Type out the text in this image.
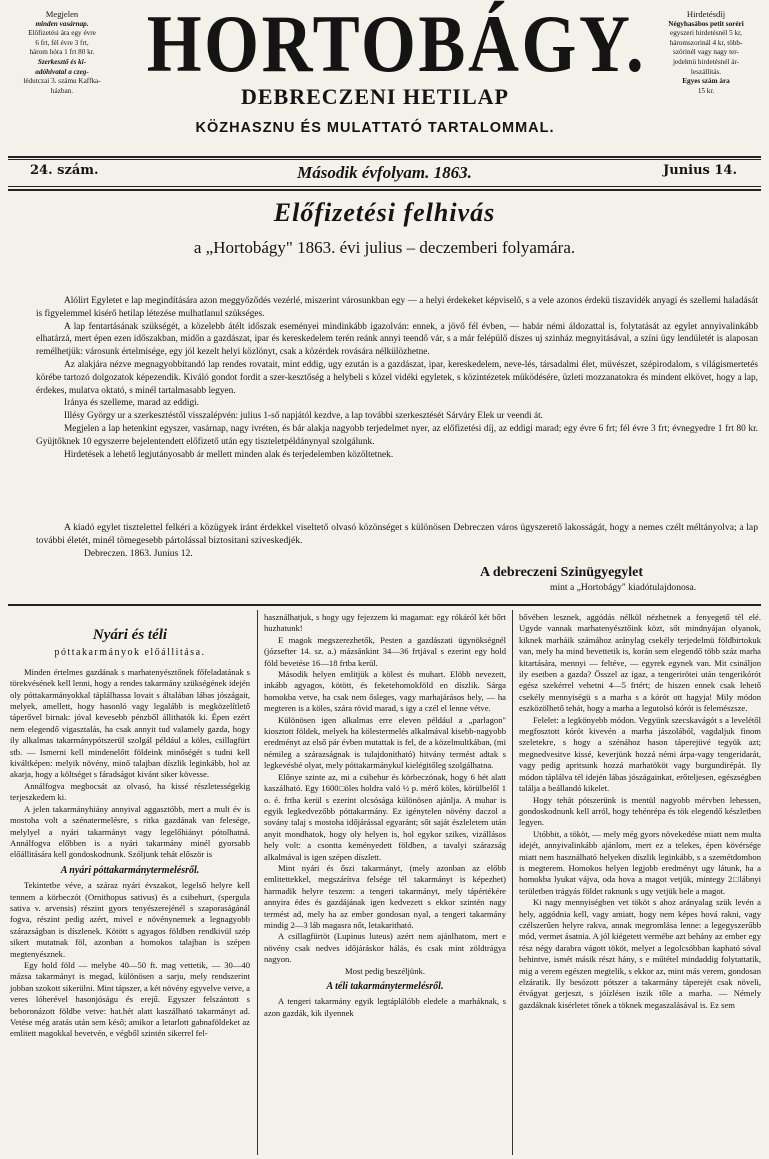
Megjelen
minden vasárnap.
Előfizetési ára egy évre
6 frt, fél évre 3 frt,
három hóra 1 frt 80 kr.
Szerkesztő és ki-
adóhivatal a czeg-
lédutczai 3. számu Kaffka-
házban.
Hirdetésdíj
Négyhasábos petit soréri
egyszeri hirdetésnél 5 kr,
háromszorinál 4 kr, több-
szörinél vagy nagy ter-
jedelmü hirdetésnél ár-
leszállitás.
Egyes szám ára
15 kr.
HORTOBÁGY.
DEBRECZENI HETILAP
KÖZHASZNU ÉS MULATTATÓ TARTALOMMAL.
24. szám.	Második évfolyam. 1863.	Junius 14.
Előfizetési felhivás
a „Hortobágy" 1863. évi julius – deczemberi folyamára.

Alólirt Egyletet e lap megindítására azon meggyőződés vezérlé, miszerint városunkban egy — a helyi érdekeket képviselő, s a vele azonos érdekü tiszavidék anyagi és szellemi haladását is figyelemmel kisérő hetilap létezése mulhatlanul szükséges.

A lap fentartásának szükségét, a közelebb átélt időszak eseményei mindinkább igazolván: ennek, a jövő fél évben, — habár némi áldozattal is, folytatását az egylet annyivalinkább elhatárzá, mert épen ezen időszakban, midőn a gazdászat, ipar és kereskedelem terén reánk annyi teendő vár, s a már felépülő díszes uj szinház megnyitásával, a színi ügy lendületét is alaposan remélhetjük: városunk értelmisége, egy jól kezelt helyi közlönyt, csak a közérdek rovására nélkülözhetne.

Az alakjára nézve megnagyobbitandó lap rendes rovatait, mint eddig, ugy ezután is a gazdászat, ipar, kereskedelem, neve-lés, társadalmi élet, müvészet, szépirodalom, s világismertetés körébe tartozó dolgozatok képezendik. Kiváló gondot fordit a szer-kesztőség a helybeli s közel vidéki egyletek, s közintézetek müködésére, üzleti mozzanatokra és mindent elkövet, hogy a lap, érdekes, mulatva oktató, s minél tartalmasabb legyen.

Iránya és szelleme, marad az eddigi.

Illésy György ur a szerkesztéstől visszalépvén: julius 1-ső napjától kezdve, a lap további szerkesztését Sárváry Elek ur veendi át.

Megjelen a lap hetenkint egyszer, vasárnap, nagy ivréten, és bár alakja nagyobb terjedelmet nyer, az előfizetési díj, az eddigi marad; egy évre 6 frt; fél évre 3 frt; évnegyedre 1 frt 80 kr. Gyüjtőknek 10 egyszerre bejelentendett előfizető után egy tiszteletpéldánynyal szolgálunk.

Hirdetések a lehető legjutányosabb ár mellett minden alak és terjedelemben közöltetnek.

A kiadó egylet tisztelettel felkéri a közügyek iránt érdekkel viseltető olvasó közönséget s különösen Debreczen város ügyszerető lakosságát, hogy a nemes czélt méltányolva; a lap további életét, minél tömegesebb pártolással biztositani sziveskedjék.

Debreczen. 1863. Junius 12.

A debreczeni Szinügyegylet
mint a „Hortobágy" kiadótulajdonosa.

Nyári és téli

póttakarmányok előállitása.

Minden értelmes gazdának s marhatenyésztőnek főfeladatának s törekvésének kell lenni, hogy a rendes takarmány szükségének idején oly póttakarmányokkal táplálhassa lovait s általában lábas jószágait, melyek, amellett, hogy hasonló vagy legalább is megközelítlető táperővel birnak: jóval kevesebb pénzből állithatók ki. Épen ezért nem elegendő vigasztalás, ha csak annyit tud valamely gazda, hogy ily alkalmas takarmánypótszerül szolgál például a köles, csillagfürt stb. — Ismerni kell mindenelőtt földeink minőségét s tudni kell kiváltképen: melyik növény, minő talajban díszlik leginkább, hol az akarja, hogy a költséget s fáradságot kivánt siker kövesse.

Annálfogva megbocsát az olvasó, ha kissé részletességekig terjeszkedem ki.

A jelen takarmányhiány annyival aggasztóbb, mert a mult év is mostoha volt a szénatermelésre, s ritka gazdának van felesége, melylyel a nyári takarmányt vagy legelőhiányt pótolhatná. Annálfogva előbben is a nyári takarmány minél gyorsabb előállitására kell gondoskodnunk. Szóljunk tehát először is

A nyári póttakarmánytermelésről.

Tekintetbe véve, a száraz nyári évszakot, legelső helyre kell tennem a körbeczót (Ornithopus sativus) és a csibehurt, (spergula sativa v. arvensis) részint gyors tenyészerejénél s szaporaságánál fogva, részint pedig azért, mivel e növénynemek a legnagyobb szárazságban is díszlenek. Kötött s agyagos földben rendkivül szép sikert mutatnak föl, azonban a homokos talajban is szépen megtenyésznek.

Egy hold föld — melybe 40—50 ft. mag vettetik, — 30—40 mázsa takarmányt is megad, különösen a sarju, mely rendszerint jobban szokott sikerülni. Mint tápszer, a két növény egyvelve vetve, a veres lóherével hasonjóságu és erejű. Egyszer felszántott s beboronázott földbe vetve: hat.hét alatt kaszálható takarmányt ad. Vetése még aratás után sem késő; amikor a letarlott gabnaföldeket az emlitett magokkal bevetvén, e végből szintén sikerrel fel-

használhatjuk, s hogy ugy fejezzem ki magamat: egy rókáról két bőrt huzhatunk!

E magok megszerezhetők, Pesten a gazdászati ügynökségnél (józsefter 14. sz. a.) mázsánkint 34—36 frtjával s ezerint egy hold föld bevetése 16—18 frtba kerül.

Második helyen emlitjük a kölest és muhart. Elöbb nevezett, inkább agyagos, kötött, és feketehomokföld en díszlik. Sárga homokba vetve, ha csak nem ősleges, vagy marhajárásos hely, — ha megteren is a köles, szára rövid marad, s igy a czél el lenne vétve.

Különösen igen alkalmas erre eleven például a „parlagon" kiosztott földek, melyek ha kölestermelés alkalmával kisebb-nagyobb eredményt az első pár évben mutattak is fel, de a közelmultkában, (mi némileg a szárazságnak is tulajdonitható) hitvány termést adtak s legkevésbé olyat, mely póttakarmánykul kielégitőleg szolgálhatna.

Előnye szinte az, mi a csibehur és körbeczónak, hogy 6 hét alatt kaszálható. Egy 1600□öles holdra való ½ p. mérő köles, körülbelől 1 o. é. frtba kerül s ezerint olcsósága különösen ajánlja. A muhar is egyik legkedvezőbb póttakarmány. Ez igénytelen növény daczol a sovány talaj s mostoha időjárással egyaránt; sőt saját észleletem után anyit mondhatok, hogy oly helyen is, hol egykor szikes, vizállásos hely volt: a csontta keményedett földben, a tavalyi szárazság alkalmával is igen szépen díszlett.

Mint nyári és őszi takarmányt, (mely azonban az előbb emlitettekkel, megszárítva felsége tél takarmányt is képezhet) harmadik helyre teszem: a tengeri takarmányt, mely tápértékére annyira édes és gazdájának igen kedvezett s ekkor szintén nagy termést ad, mely ha az ember gondosan nyal, a tengeri takarmány mindig 2—3 láb magasra nőt, letakaritható.

A csillagfürtöt (Lupinus luteus) azért nem ajánlhatom, mert e növény csak nedves időjáráskor hálás, és csak mint zöldtrágya nagyon.

Most pedig beszéljünk.

A téli takarmánytermelésről.

A tengeri takarmány egyik legtáplálóbb eledele a marháknak, s azon gazdák, kik ilyennek

bővében lesznek, aggódás nélkül nézhetnek a fenyegető tél elé. Ugyde vannak marhatenyésztőink közt, sőt mindnyájan olyanok, kiknek marháik számához aránylag csekély terjedelmü földbirtokuk van, mely ha mind bevettetik is, korán sem elegendő több száz marha kitartására, mennyi — feltéve, — egyrek egynek van. Mit csináljon ily esetben a gazda? Összel az igaz, a tengerirötei után tengerikórót egész szekérrel vehetni 4—5 frtért; de hiszen ennek csak lehető csekély mennyiségü s a marha s a kórót ott hagyja! Mily módon eszközölhető tehát, hogy a marha a legutolsó kórót is felemészsze.

Felelet: a legkönyebb módon. Vegyünk szecskavágót s a levelétől megfosztott kórót kivevén a marha jászolából, vagdaljuk finom szeletekre, s hogy a szénához hason táperejüvé tegyük azt; megnedvesitve kissé, keverjünk hozzá némi árpa-vagy tengeridarát, vagy pedig apritsunk hozzá marhatököt vagy burgundirépát. Ily módon táplálva tél idején lábas jószágainkat, erőteljesen, egészségben találja a beállandó kikelet.

Hogy tehát pótszerünk is mentül nagyobb mérvben lehessen, gondoskodnunk kell arról, hogy tehénrépa és tök elegendő készletben legyen.

Utóbbit, a tököt, — mely még gyors növekedése miatt nem multa idejét, annyivalinkább ajánlom, mert ez a telekes, épen kövérsége miatt nem használható helyeken díszlik leginkább, s a szemétdombon is megterem. Homokos helyen legjobb eredményt ugy látunk, ha a homokba lyukat vájva, oda hova a magot vetjük, mintegy 2□lábnyi területben trágyás földet raknunk s ugy vetjük bele a magot.

Ki nagy mennyiségben vet tököt s ahoz arányalag szük levén a hely, aggódnia kell, vagy amiatt, hogy nem képes hová rakni, vagy czélszerűen helyre rakva, annak megromlása lenne: a legegyszerűbb mód, vermet ásatnia. A jól kiégetett vermébe azt behány az ember egy rész négy darabra vágott tököt, melyet a legolcsóbban kapható sóval behintve, ismét másik részt hány, s e műtétel mindaddig folytattatik, mig a verem egészen megtelik, s ekkor az, mint más verem, gondosan elzáratik. Ily besózott pótszer a takarmány táperejét csak növeli, étvágyat gerjeszt, s jóízlésen iszik tőle a marha. — Némely gazdáknak kisérletet tőnek a töknek megaszalásával is. Ez sem
